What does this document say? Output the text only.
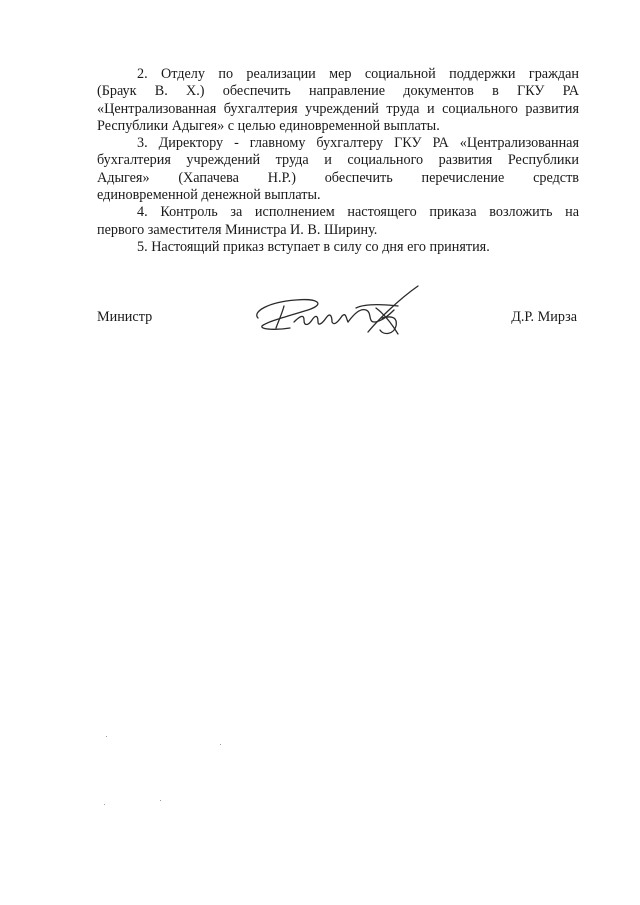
2. Отделу по реализации мер социальной поддержки граждан
(Браук В. Х.) обеспечить направление документов в ГКУ РА
«Централизованная бухгалтерия учреждений труда и социального развития
Республики Адыгея» с целью единовременной выплаты.

3. Директору - главному бухгалтеру ГКУ РА «Централизованная
бухгалтерия учреждений труда и социального развития Республики
Адыгея» (Хапачева Н.Р.) обеспечить перечисление средств
единовременной денежной выплаты.

4. Контроль за исполнением настоящего приказа возложить на
первого заместителя Министра И. В. Ширину.

5. Настоящий приказ вступает в силу со дня его принятия.

Министр	Д.Р. Мирза
